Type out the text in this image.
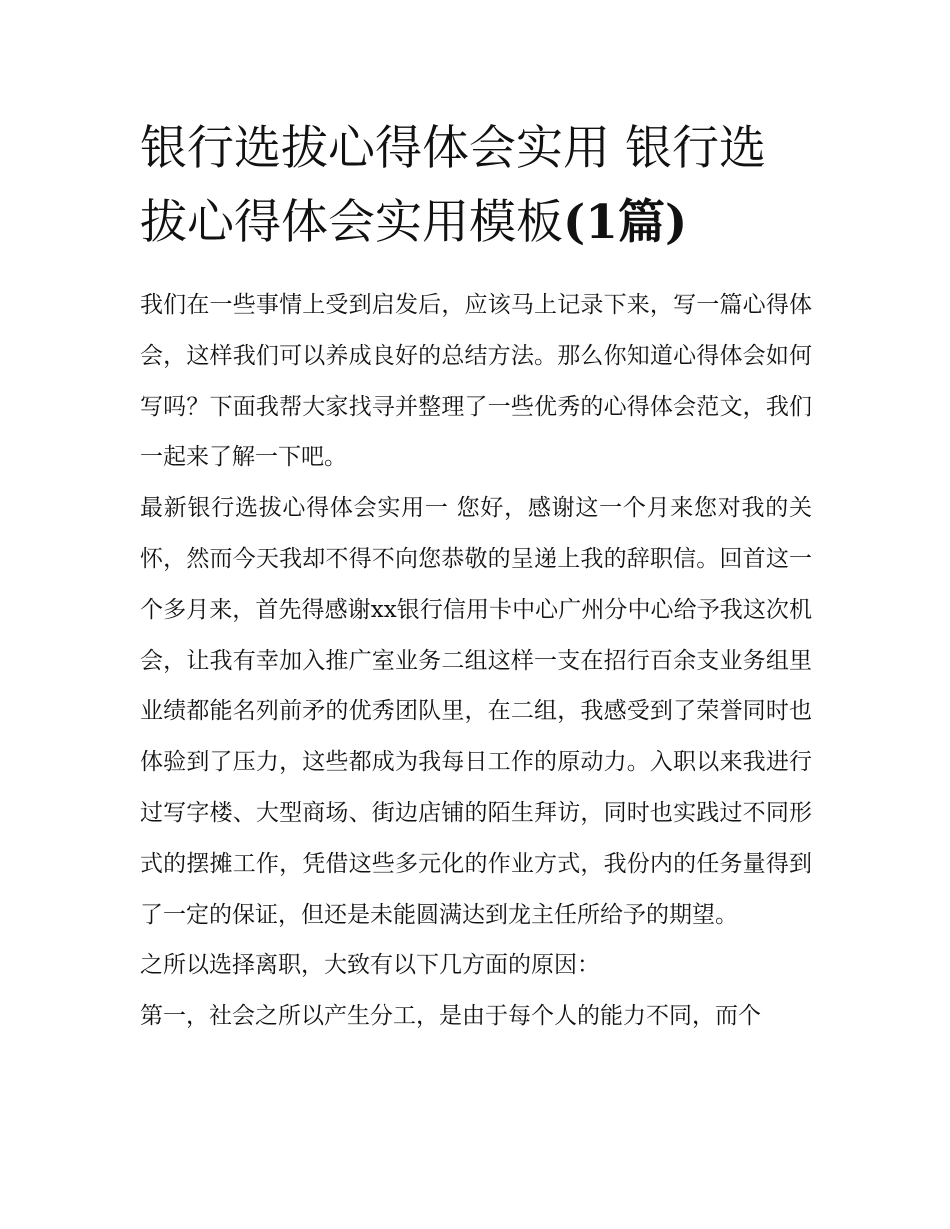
银行选拔心得体会实用 银行选拔心得体会实用模板(1篇)

我们在一些事情上受到启发后，应该马上记录下来，写一篇心得体会，这样我们可以养成良好的总结方法。那么你知道心得体会如何写吗？下面我帮大家找寻并整理了一些优秀的心得体会范文，我们一起来了解一下吧。

最新银行选拔心得体会实用一 您好，感谢这一个月来您对我的关怀，然而今天我却不得不向您恭敬的呈递上我的辞职信。回首这一个多月来，首先得感谢xx银行信用卡中心广州分中心给予我这次机会，让我有幸加入推广室业务二组这样一支在招行百余支业务组里业绩都能名列前矛的优秀团队里，在二组，我感受到了荣誉同时也体验到了压力，这些都成为我每日工作的原动力。入职以来我进行过写字楼、大型商场、街边店铺的陌生拜访，同时也实践过不同形式的摆摊工作，凭借这些多元化的作业方式，我份内的任务量得到了一定的保证，但还是未能圆满达到龙主任所给予的期望。

之所以选择离职，大致有以下几方面的原因：

第一，社会之所以产生分工，是由于每个人的能力不同，而个
